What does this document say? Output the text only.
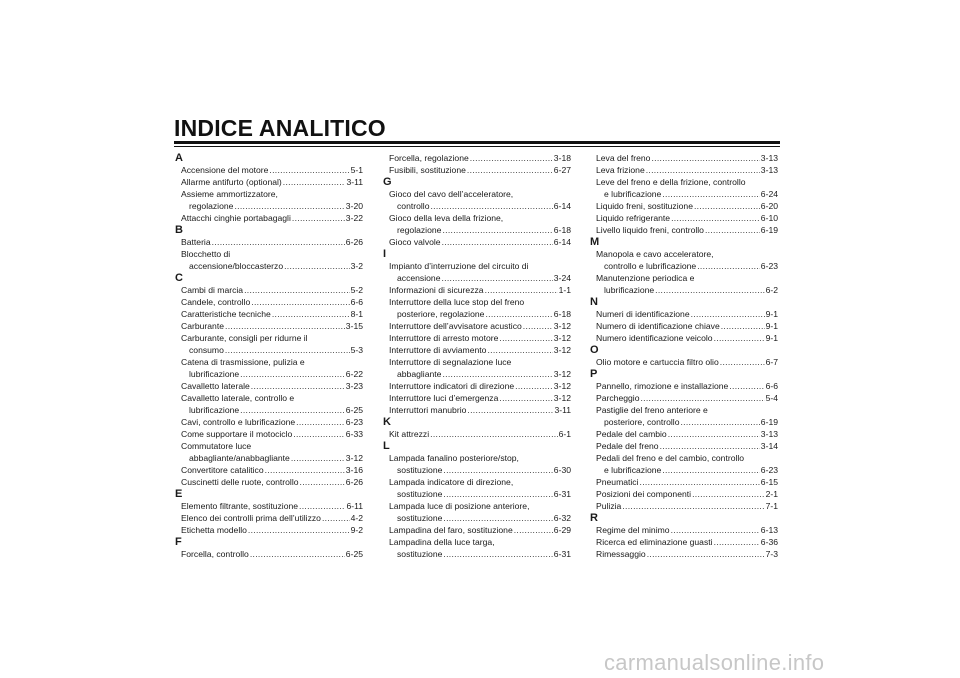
INDICE ANALITICO
A
Accensione del motore .....	5-1
Allarme antifurto (optional) .....	3-11
Assieme ammortizzatore,
regolazione .....	3-20
Attacchi cinghie portabagagli .....	3-22
B
Batteria .....	6-26
Blocchetto di
accensione/bloccasterzo .....	3-2
C
Cambi di marcia .....	5-2
Candele, controllo .....	6-6
Caratteristiche tecniche .....	8-1
Carburante .....	3-15
Carburante, consigli per ridurne il
consumo .....	5-3
Catena di trasmissione, pulizia e
lubrificazione .....	6-22
Cavalletto laterale .....	3-23
Cavalletto laterale, controllo e
lubrificazione .....	6-25
Cavi, controllo e lubrificazione .....	6-23
Come supportare il motociclo .....	6-33
Commutatore luce
abbagliante/anabbagliante .....	3-12
Convertitore catalitico .....	3-16
Cuscinetti delle ruote, controllo .....	6-26
E
Elemento filtrante, sostituzione .....	6-11
Elenco dei controlli prima dell’utilizzo .....	4-2
Etichetta modello .....	9-2
F
Forcella, controllo .....	6-25
Forcella, regolazione .....	3-18
Fusibili, sostituzione .....	6-27
G
Gioco del cavo dell’acceleratore,
controllo .....	6-14
Gioco della leva della frizione,
regolazione .....	6-18
Gioco valvole .....	6-14
I
Impianto d’interruzione del circuito di
accensione .....	3-24
Informazioni di sicurezza .....	1-1
Interruttore della luce stop del freno
posteriore, regolazione .....	6-18
Interruttore dell’avvisatore acustico .....	3-12
Interruttore di arresto motore .....	3-12
Interruttore di avviamento .....	3-12
Interruttore di segnalazione luce
abbagliante .....	3-12
Interruttore indicatori di direzione .....	3-12
Interruttore luci d’emergenza .....	3-12
Interruttori manubrio .....	3-11
K
Kit attrezzi .....	6-1
L
Lampada fanalino posteriore/stop,
sostituzione .....	6-30
Lampada indicatore di direzione,
sostituzione .....	6-31
Lampada luce di posizione anteriore,
sostituzione .....	6-32
Lampadina del faro, sostituzione .....	6-29
Lampadina della luce targa,
sostituzione .....	6-31
Leva del freno .....	3-13
Leva frizione .....	3-13
Leve del freno e della frizione, controllo
e lubrificazione .....	6-24
Liquido freni, sostituzione .....	6-20
Liquido refrigerante .....	6-10
Livello liquido freni, controllo .....	6-19
M
Manopola e cavo acceleratore,
controllo e lubrificazione .....	6-23
Manutenzione periodica e
lubrificazione .....	6-2
N
Numeri di identificazione .....	9-1
Numero di identificazione chiave .....	9-1
Numero identificazione veicolo .....	9-1
O
Olio motore e cartuccia filtro olio .....	6-7
P
Pannello, rimozione e installazione .....	6-6
Parcheggio .....	5-4
Pastiglie del freno anteriore e
posteriore, controllo .....	6-19
Pedale del cambio .....	3-13
Pedale del freno .....	3-14
Pedali del freno e del cambio, controllo
e lubrificazione .....	6-23
Pneumatici .....	6-15
Posizioni dei componenti .....	2-1
Pulizia .....	7-1
R
Regime del minimo .....	6-13
Ricerca ed eliminazione guasti .....	6-36
Rimessaggio .....	7-3
carmanualsonline.info
